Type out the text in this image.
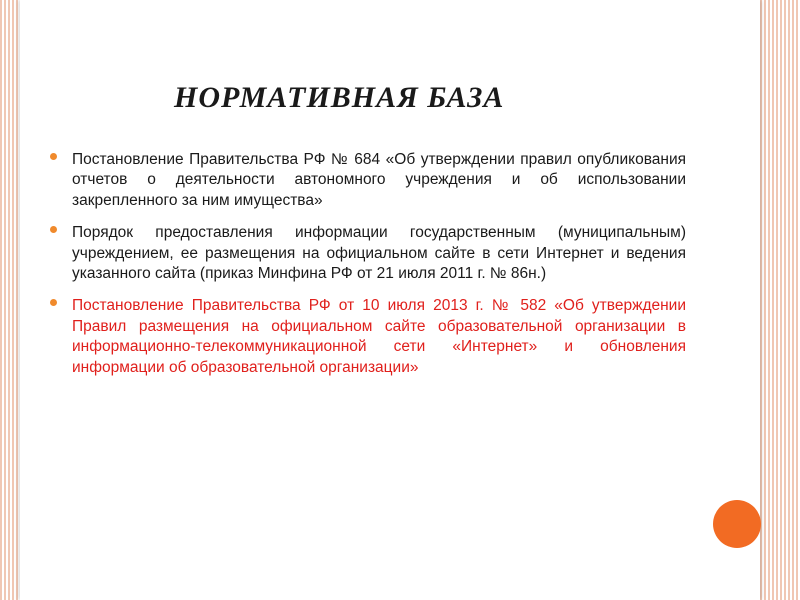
НОРМАТИВНАЯ БАЗА
Постановление Правительства РФ № 684 «Об утверждении правил опубликования отчетов о деятельности автономного учреждения и об использовании закрепленного за ним имущества»
Порядок предоставления информации государственным (муниципальным) учреждением, ее размещения на официальном сайте в сети Интернет и ведения указанного сайта (приказ Минфина РФ от 21 июля 2011 г. № 86н.)
Постановление Правительства РФ от 10 июля 2013 г. № 582 «Об утверждении Правил размещения на официальном сайте образовательной организации в информационно-телекоммуникационной сети «Интернет» и обновления информации об образовательной организации»
